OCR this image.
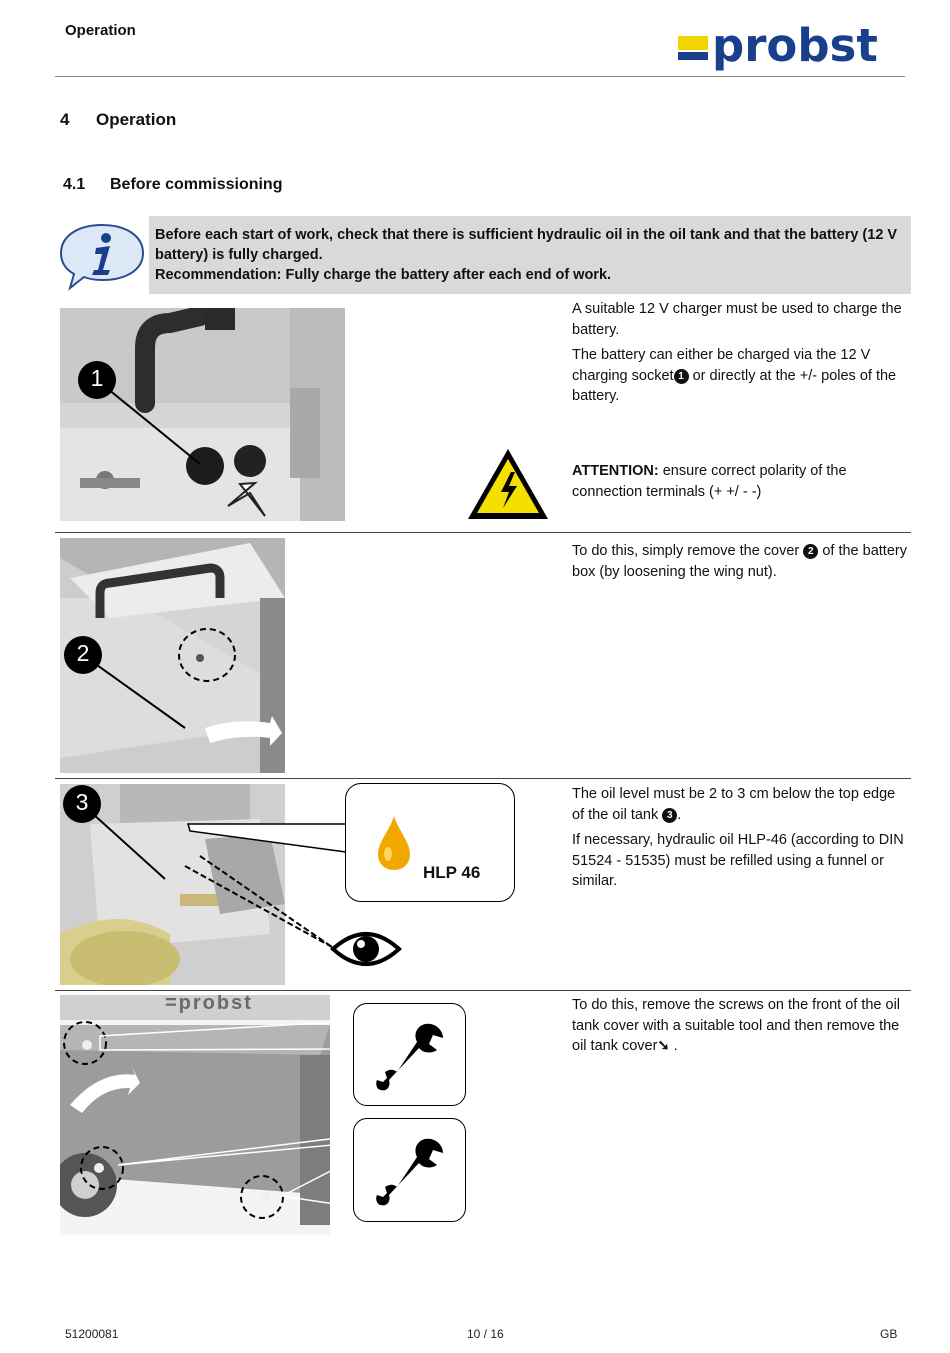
Operation	probst
4 Operation
4.1 Before commissioning
Before each start of work, check that there is sufficient hydraulic oil in the oil tank and that the battery (12 V battery) is fully charged.
Recommendation: Fully charge the battery after each end of work.
1

A suitable 12 V charger must be used to charge the battery.

The battery can either be charged via the 12 V charging socket 1 or directly at the +/- poles of the battery.

ATTENTION: ensure correct polarity of the connection terminals (+ +/ - -)
2

To do this, simply remove the cover 2 of the battery box (by loosening the wing nut).

3
HLP 46

The oil level must be 2 to 3 cm below the top edge of the oil tank 3 .

If necessary, hydraulic oil HLP-46 (according to DIN 51524 - 51535) must be refilled using a funnel or similar.

=probst	To do this, remove the screws on the front of the oil tank cover with a suitable tool and then remove the oil tank cover➘ .

51200081	10 / 16	GB
